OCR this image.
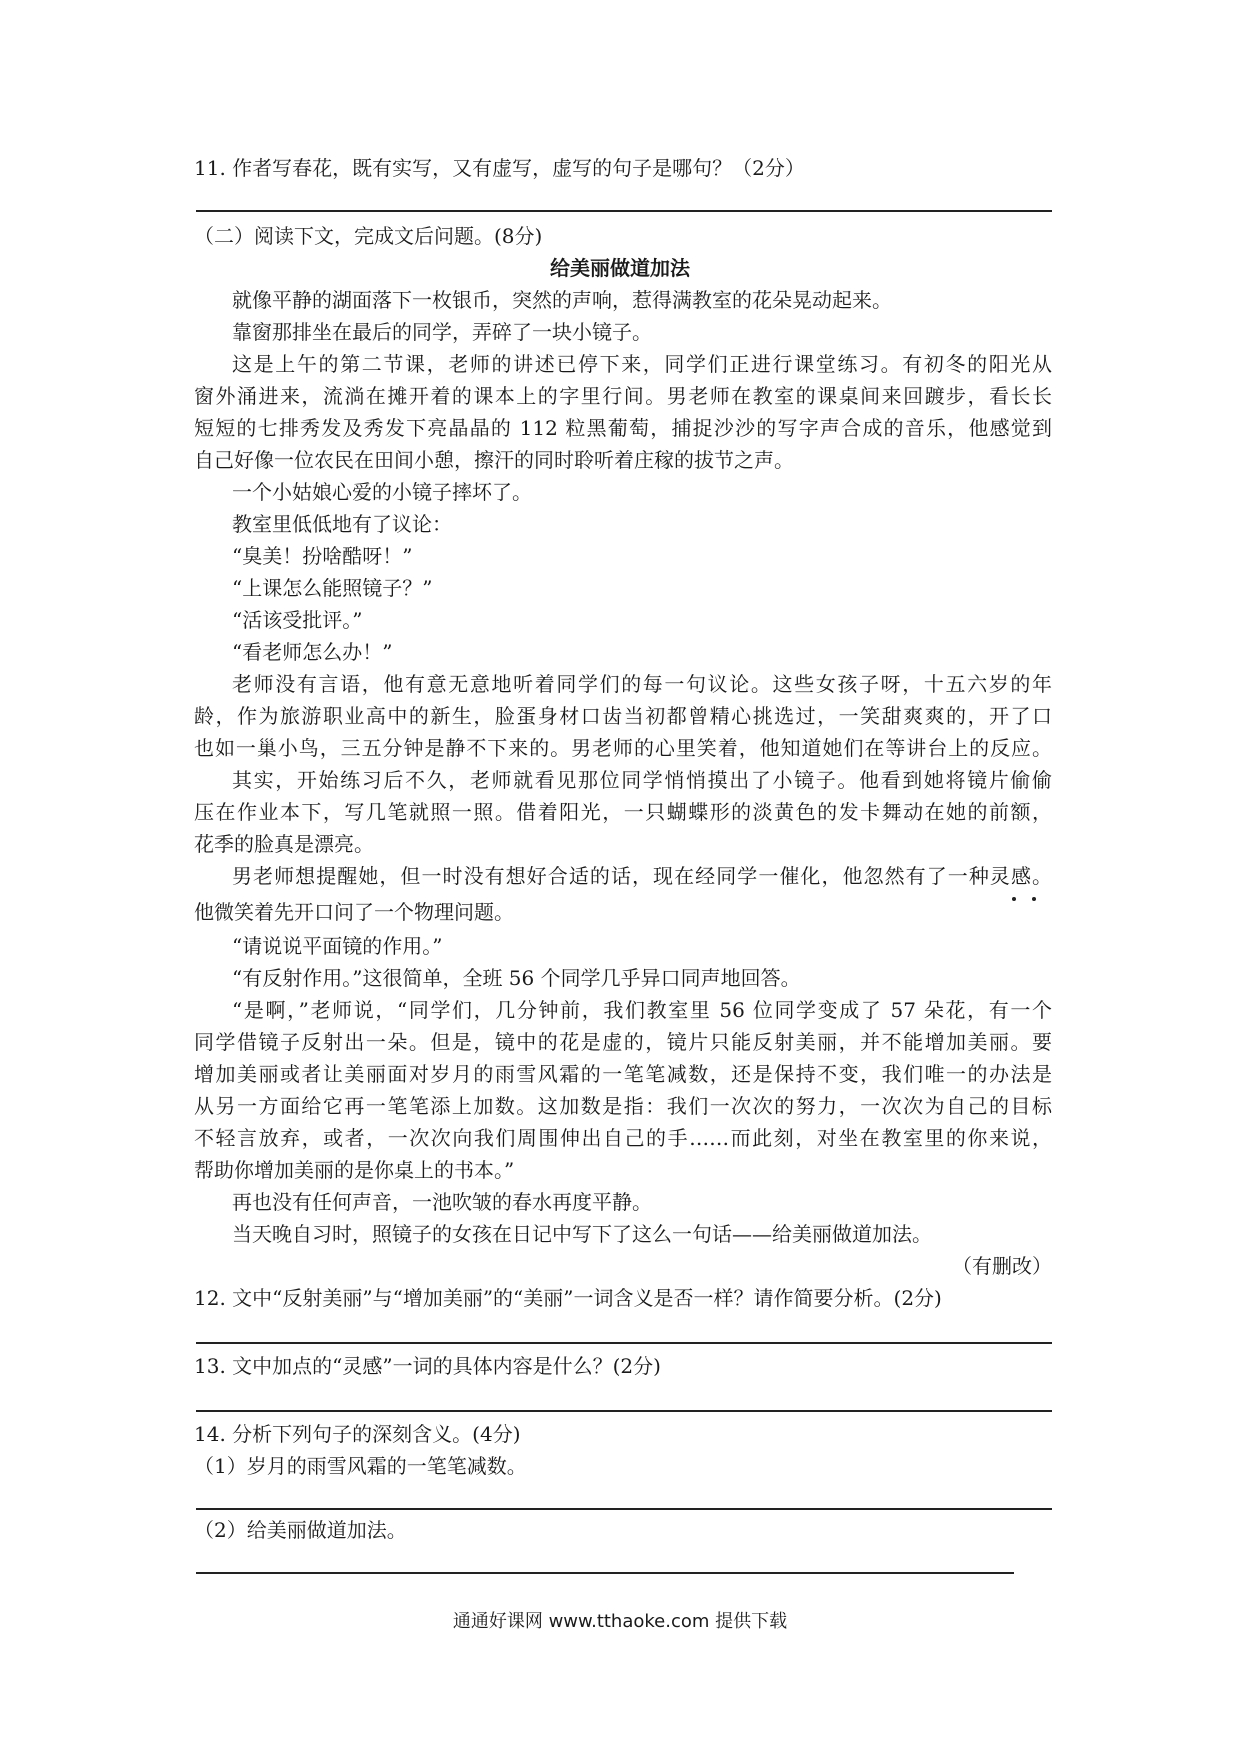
11. 作者写春花，既有实写，又有虚写，虚写的句子是哪句？（2分）
（二）阅读下文，完成文后问题。(8分)
给美丽做道加法
就像平静的湖面落下一枚银币，突然的声响，惹得满教室的花朵晃动起来。
靠窗那排坐在最后的同学，弄碎了一块小镜子。
这是上午的第二节课，老师的讲述已停下来，同学们正进行课堂练习。有初冬的阳光从
窗外涌进来，流淌在摊开着的课本上的字里行间。男老师在教室的课桌间来回踱步，看长长
短短的七排秀发及秀发下亮晶晶的 112 粒黑葡萄，捕捉沙沙的写字声合成的音乐，他感觉到
自己好像一位农民在田间小憩，擦汗的同时聆听着庄稼的拔节之声。
一个小姑娘心爱的小镜子摔坏了。
教室里低低地有了议论：
“臭美！扮啥酷呀！”
“上课怎么能照镜子？”
“活该受批评。”
“看老师怎么办！”
老师没有言语，他有意无意地听着同学们的每一句议论。这些女孩子呀，十五六岁的年
龄，作为旅游职业高中的新生，脸蛋身材口齿当初都曾精心挑选过，一笑甜爽爽的，开了口
也如一巢小鸟，三五分钟是静不下来的。男老师的心里笑着，他知道她们在等讲台上的反应。
其实，开始练习后不久，老师就看见那位同学悄悄摸出了小镜子。他看到她将镜片偷偷
压在作业本下，写几笔就照一照。借着阳光，一只蝴蝶形的淡黄色的发卡舞动在她的前额，
花季的脸真是漂亮。
男老师想提醒她，但一时没有想好合适的话，现在经同学一催化，他忽然有了一种灵感。
他微笑着先开口问了一个物理问题。
“请说说平面镜的作用。”
“有反射作用。”这很简单，全班 56 个同学几乎异口同声地回答。
“是啊，”老师说，“同学们，几分钟前，我们教室里 56 位同学变成了 57 朵花，有一个
同学借镜子反射出一朵。但是，镜中的花是虚的，镜片只能反射美丽，并不能增加美丽。要
增加美丽或者让美丽面对岁月的雨雪风霜的一笔笔减数，还是保持不变，我们唯一的办法是
从另一方面给它再一笔笔添上加数。这加数是指：我们一次次的努力，一次次为自己的目标
不轻言放弃，或者，一次次向我们周围伸出自己的手……而此刻，对坐在教室里的你来说，
帮助你增加美丽的是你桌上的书本。”
再也没有任何声音，一池吹皱的春水再度平静。
当天晚自习时，照镜子的女孩在日记中写下了这么一句话——给美丽做道加法。
（有删改）
12. 文中“反射美丽”与“增加美丽”的“美丽”一词含义是否一样？请作简要分析。(2分)
13. 文中加点的“灵感”一词的具体内容是什么？(2分)
14. 分析下列句子的深刻含义。(4分)
（1）岁月的雨雪风霜的一笔笔减数。
（2）给美丽做道加法。
通通好课网 www.tthaoke.com 提供下载
